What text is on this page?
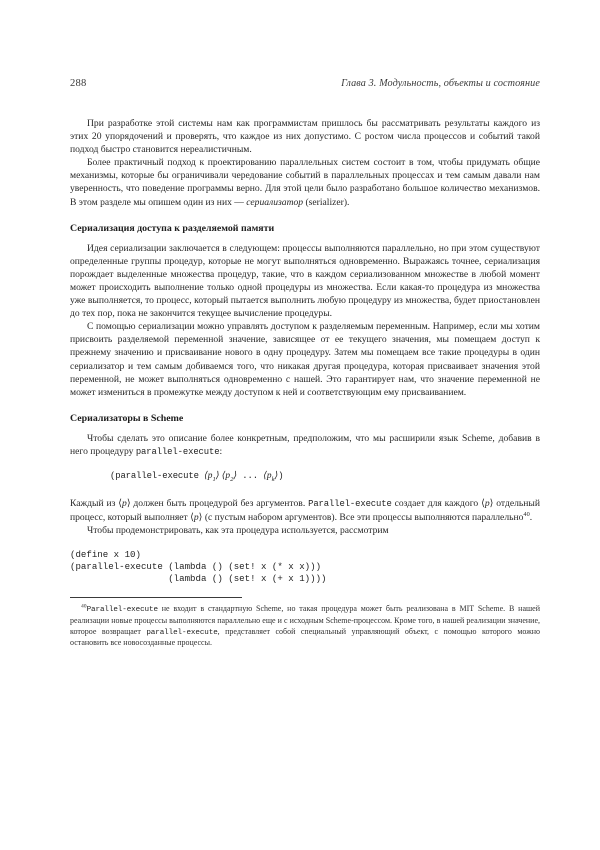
288	Глава 3. Модульность, объекты и состояние

При разработке этой системы нам как программистам пришлось бы рассматривать результаты каждого из этих 20 упорядочений и проверять, что каждое из них допустимо. С ростом числа процессов и событий такой подход быстро становится нереалистичным.

Более практичный подход к проектированию параллельных систем состоит в том, чтобы придумать общие механизмы, которые бы ограничивали чередование событий в параллельных процессах и тем самым давали нам уверенность, что поведение программы верно. Для этой цели было разработано большое количество механизмов. В этом разделе мы опишем один из них — сериализатор (serializer).

Сериализация доступа к разделяемой памяти

Идея сериализации заключается в следующем: процессы выполняются параллельно, но при этом существуют определенные группы процедур, которые не могут выполняться одновременно. Выражаясь точнее, сериализация порождает выделенные множества процедур, такие, что в каждом сериализованном множестве в любой момент может происходить выполнение только одной процедуры из множества. Если какая-то процедура из множества уже выполняется, то процесс, который пытается выполнить любую процедуру из множества, будет приостановлен до тех пор, пока не закончится текущее вычисление процедуры.

С помощью сериализации можно управлять доступом к разделяемым переменным. Например, если мы хотим присвоить разделяемой переменной значение, зависящее от ее текущего значения, мы помещаем доступ к прежнему значению и присваивание нового в одну процедуру. Затем мы помещаем все такие процедуры в один сериализатор и тем самым добиваемся того, что никакая другая процедура, которая присваивает значения этой переменной, не может выполняться одновременно с нашей. Это гарантирует нам, что значение переменной не может измениться в промежутке между доступом к ней и соответствующим ему присваиванием.

Сериализаторы в Scheme

Чтобы сделать это описание более конкретным, предположим, что мы расширили язык Scheme, добавив в него процедуру parallel-execute:

(parallel-execute $⟨p_1⟩$ $⟨p_2⟩$ ... $⟨p_k⟩$)

Каждый из ⟨p⟩ должен быть процедурой без аргументов. Parallel-execute создает для каждого ⟨p⟩ отдельный процесс, который выполняет ⟨p⟩ (с пустым набором аргументов). Все эти процессы выполняются параллельно$^{40}$.

Чтобы продемонстрировать, как эта процедура используется, рассмотрим

(define x 10)
(parallel-execute (lambda () (set! x (* x x)))
(lambda () (set! x (+ x 1))))

$^{40}$Parallel-execute не входит в стандартную Scheme, но такая процедура может быть реализована в MIT Scheme. В нашей реализации новые процессы выполняются параллельно еще и с исходным Scheme-процессом. Кроме того, в нашей реализации значение, которое возвращает parallel-execute, представляет собой специальный управляющий объект, с помощью которого можно остановить все новосозданные процессы.
